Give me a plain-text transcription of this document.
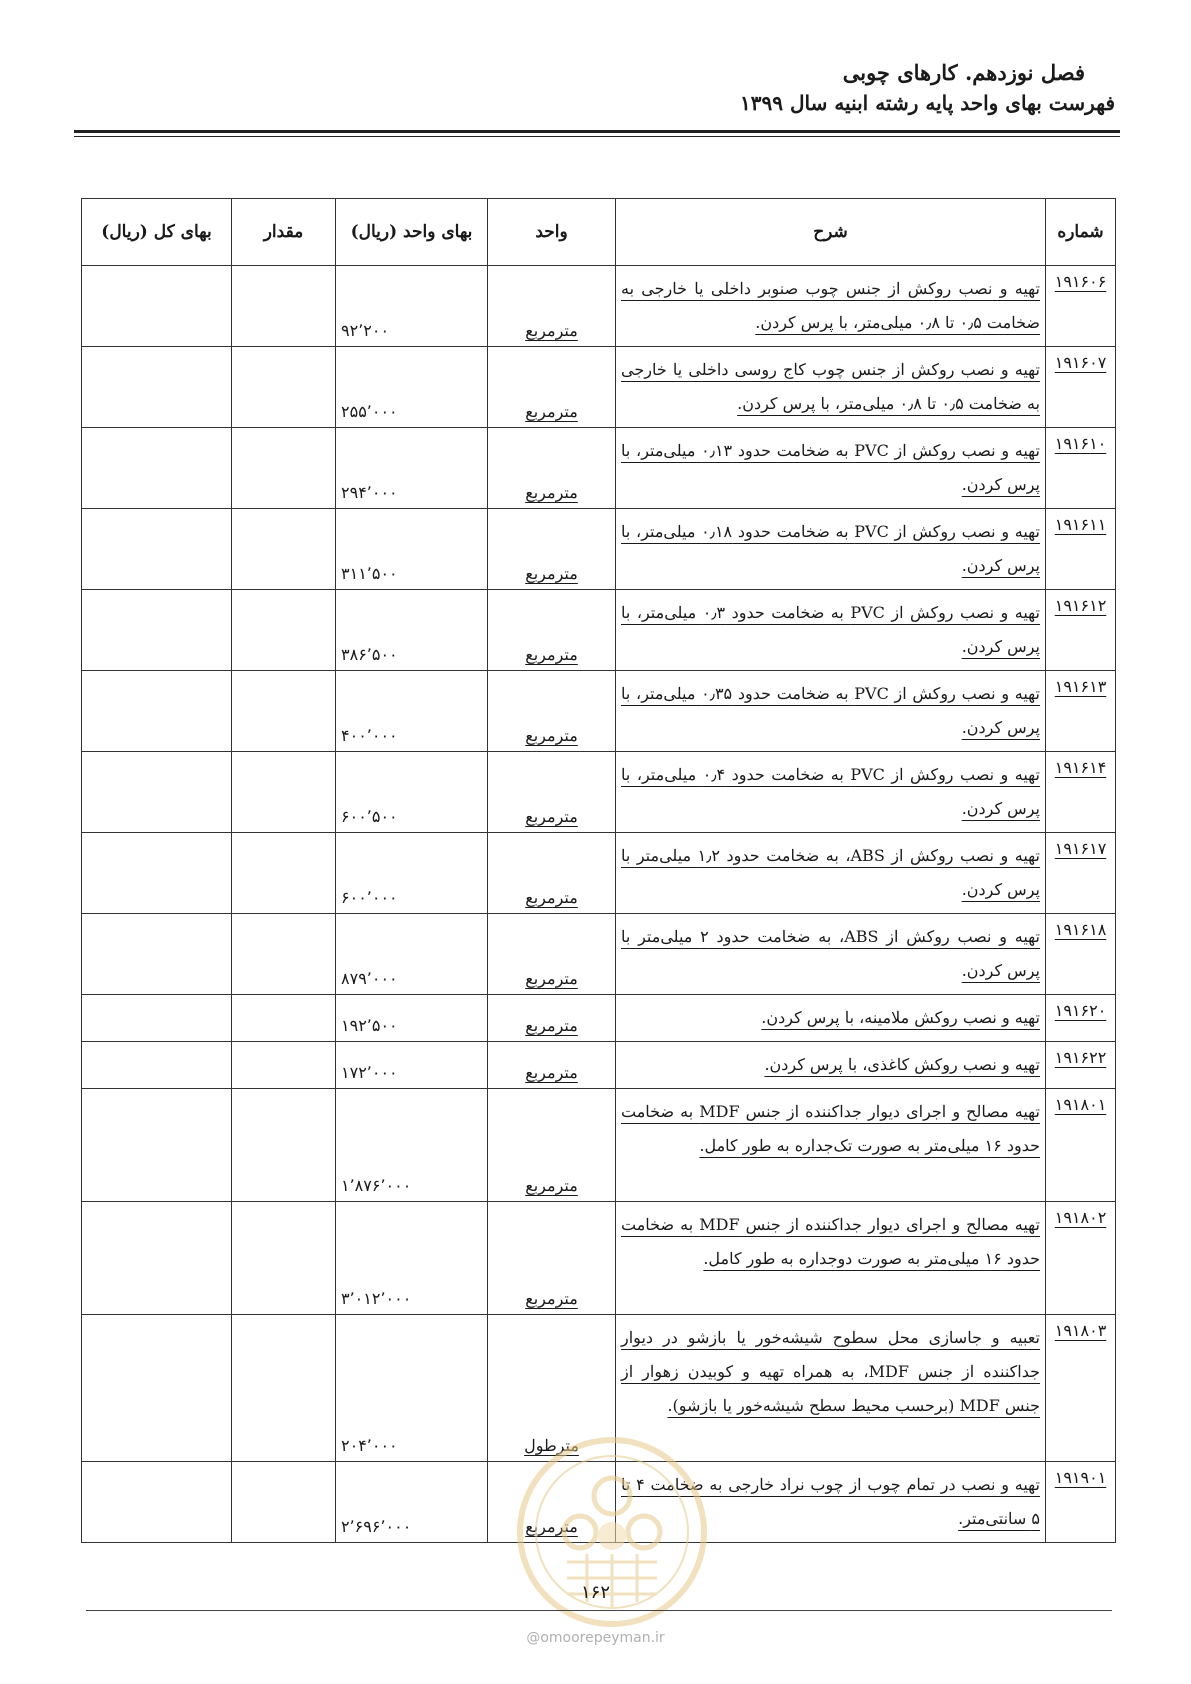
فصل نوزدهم. کارهای چوبی
فهرست بهای واحد پایه رشته ابنیه سال ۱۳۹۹
شماره	شرح	واحد	بهای واحد (ریال)	مقدار	بهای کل (ریال)
۱۹۱۶۰۶	تهیه و نصب روکش از جنس چوب صنوبر داخلی یا خارجی به ضخامت ۰٫۵ تا ۰٫۸ میلی‌متر، با پرس کردن.	مترمربع	۹۲٬۲۰۰		
۱۹۱۶۰۷	تهیه و نصب روکش از جنس چوب کاج روسی داخلی یا خارجی به ضخامت ۰٫۵ تا ۰٫۸ میلی‌متر، با پرس کردن.	مترمربع	۲۵۵٬۰۰۰		
۱۹۱۶۱۰	تهیه و نصب روکش از PVC به ضخامت حدود ۰٫۱۳ میلی‌متر، با پرس کردن.	مترمربع	۲۹۴٬۰۰۰		
۱۹۱۶۱۱	تهیه و نصب روکش از PVC به ضخامت حدود ۰٫۱۸ میلی‌متر، با پرس کردن.	مترمربع	۳۱۱٬۵۰۰		
۱۹۱۶۱۲	تهیه و نصب روکش از PVC به ضخامت حدود ۰٫۳ میلی‌متر، با پرس کردن.	مترمربع	۳۸۶٬۵۰۰		
۱۹۱۶۱۳	تهیه و نصب روکش از PVC به ضخامت حدود ۰٫۳۵ میلی‌متر، با پرس کردن.	مترمربع	۴۰۰٬۰۰۰		
۱۹۱۶۱۴	تهیه و نصب روکش از PVC به ضخامت حدود ۰٫۴ میلی‌متر، با پرس کردن.	مترمربع	۶۰۰٬۵۰۰		
۱۹۱۶۱۷	تهیه و نصب روکش از ABS، به ضخامت حدود ۱٫۲ میلی‌متر با پرس کردن.	مترمربع	۶۰۰٬۰۰۰		
۱۹۱۶۱۸	تهیه و نصب روکش از ABS، به ضخامت حدود ۲ میلی‌متر با پرس کردن.	مترمربع	۸۷۹٬۰۰۰		
۱۹۱۶۲۰	تهیه و نصب روکش ملامینه، با پرس کردن.	مترمربع	۱۹۲٬۵۰۰		
۱۹۱۶۲۲	تهیه و نصب روکش کاغذی، با پرس کردن.	مترمربع	۱۷۲٬۰۰۰		
۱۹۱۸۰۱	تهیه مصالح و اجرای دیوار جداکننده از جنس MDF به ضخامت حدود ۱۶ میلی‌متر به صورت تک‌جداره به طور کامل.	مترمربع	۱٬۸۷۶٬۰۰۰		
۱۹۱۸۰۲	تهیه مصالح و اجرای دیوار جداکننده از جنس MDF به ضخامت حدود ۱۶ میلی‌متر به صورت دوجداره به طور کامل.	مترمربع	۳٬۰۱۲٬۰۰۰		
۱۹۱۸۰۳	تعبیه و جاسازی محل سطوح شیشه‌خور یا بازشو در دیوار جداکننده از جنس MDF، به همراه تهیه و کوبیدن زهوار از جنس MDF (برحسب محیط سطح شیشه‌خور یا بازشو).	مترطول	۲۰۴٬۰۰۰		
۱۹۱۹۰۱	تهیه و نصب در تمام چوب از چوب نراد خارجی به ضخامت ۴ تا ۵ سانتی‌متر.	مترمربع	۲٬۶۹۶٬۰۰۰		
۱۶۲
@omoorepeyman.ir
